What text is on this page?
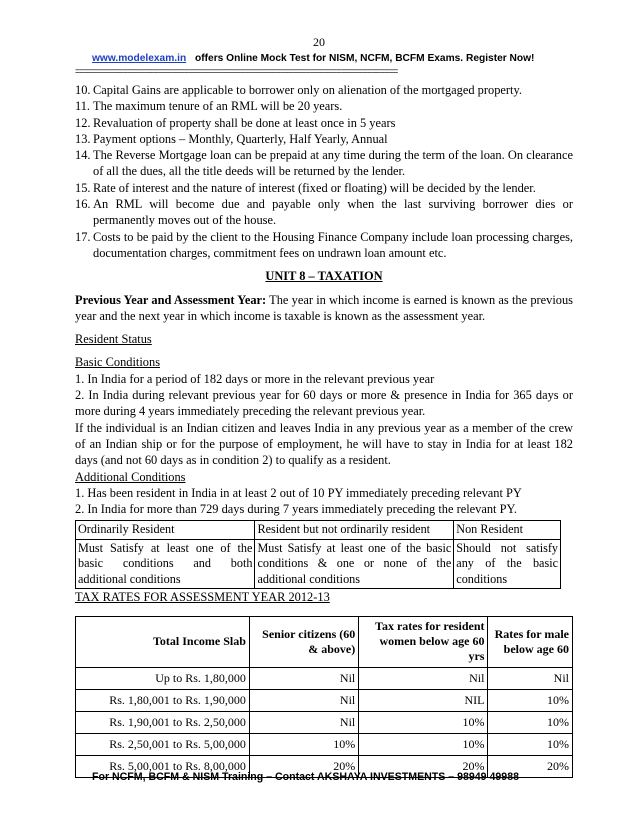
20
www.modelexam.in offers Online Mock Test for NISM, NCFM, BCFM Exams. Register Now!
==========================================================================
10. Capital Gains are applicable to borrower only on alienation of the mortgaged property.
11. The maximum tenure of an RML will be 20 years.
12. Revaluation of property shall be done at least once in 5 years
13. Payment options – Monthly, Quarterly, Half Yearly, Annual
14. The Reverse Mortgage loan can be prepaid at any time during the term of the loan. On clearance of all the dues, all the title deeds will be returned by the lender.
15. Rate of interest and the nature of interest (fixed or floating) will be decided by the lender.
16. An RML will become due and payable only when the last surviving borrower dies or permanently moves out of the house.
17. Costs to be paid by the client to the Housing Finance Company include loan processing charges, documentation charges, commitment fees on undrawn loan amount etc.
UNIT 8 – TAXATION

Previous Year and Assessment Year: The year in which income is earned is known as the previous year and the next year in which income is taxable is known as the assessment year.

Resident Status

Basic Conditions

1. In India for a period of 182 days or more in the relevant previous year

2. In India during relevant previous year for 60 days or more & presence in India for 365 days or more during 4 years immediately preceding the relevant previous year.

If the individual is an Indian citizen and leaves India in any previous year as a member of the crew of an Indian ship or for the purpose of employment, he will have to stay in India for at least 182 days (and not 60 days as in condition 2) to qualify as a resident.

Additional Conditions

1. Has been resident in India in at least 2 out of 10 PY immediately preceding relevant PY

2. In India for more than 729 days during 7 years immediately preceding the relevant PY.

Ordinarily Resident	Resident but not ordinarily resident	Non Resident
Must Satisfy at least one of the basic conditions and both additional conditions	Must Satisfy at least one of the basic conditions & one or none of the additional conditions	Should not satisfy any of the basic conditions

TAX RATES FOR ASSESSMENT YEAR 2012-13

Total Income Slab	Senior citizens (60 & above)	Tax rates for resident women below age 60 yrs	Rates for male below age 60
Up to Rs. 1,80,000	Nil	Nil	Nil
Rs. 1,80,001 to Rs. 1,90,000	Nil	NIL	10%
Rs. 1,90,001 to Rs. 2,50,000	Nil	10%	10%
Rs. 2,50,001 to Rs. 5,00,000	10%	10%	10%
Rs. 5,00,001 to Rs. 8,00,000	20%	20%	20%
For NCFM, BCFM & NISM Training – Contact AKSHAYA INVESTMENTS – 98949 49988
